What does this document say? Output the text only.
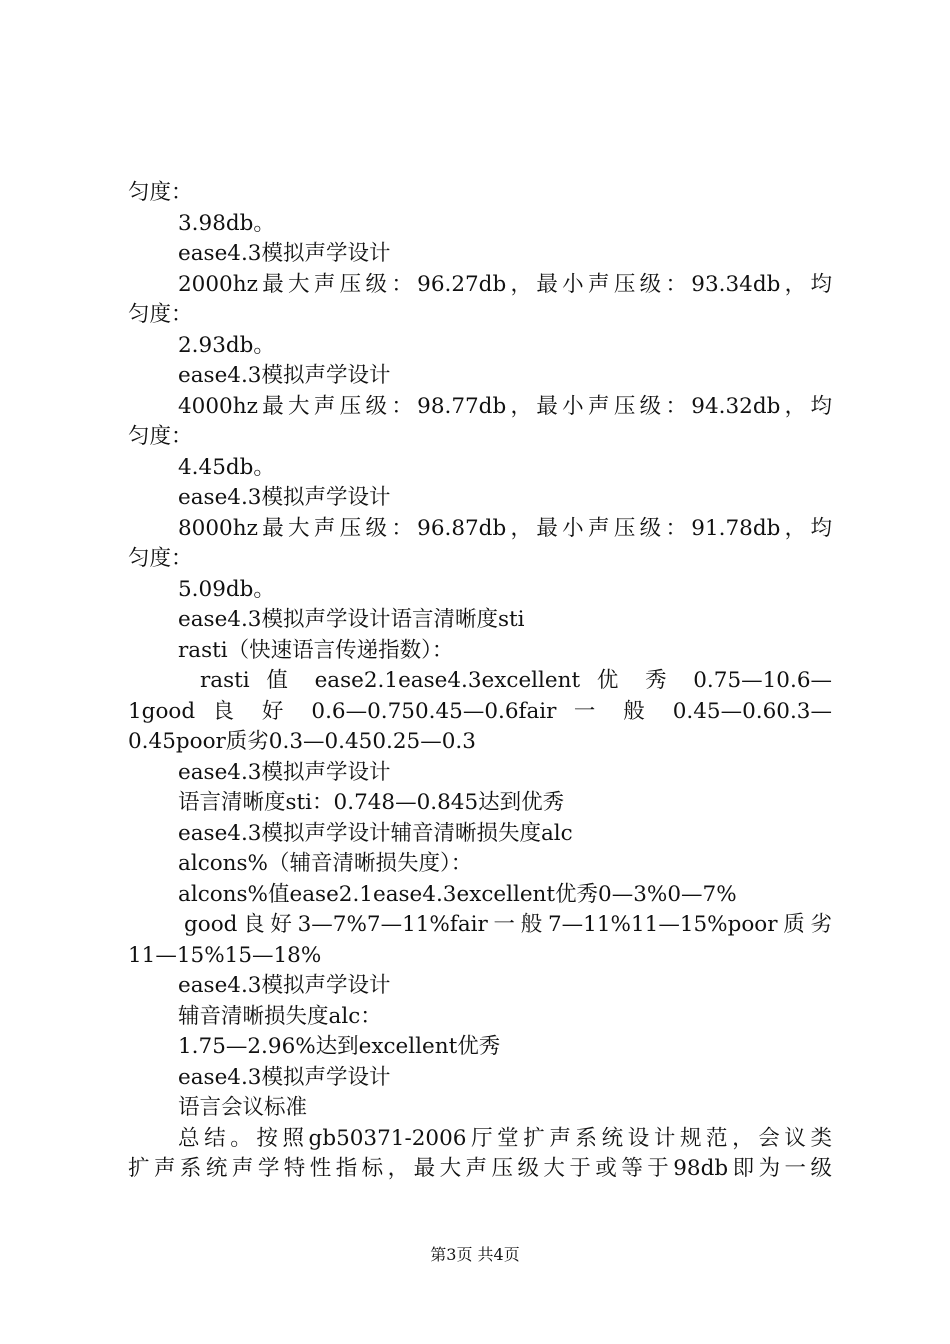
匀度：
3.98db。
ease4.3模拟声学设计
2000hz最大声压级：96.27db，最小声压级：93.34db，均
匀度：
2.93db。
ease4.3模拟声学设计
4000hz最大声压级：98.77db，最小声压级：94.32db，均
匀度：
4.45db。
ease4.3模拟声学设计
8000hz最大声压级：96.87db，最小声压级：91.78db，均
匀度：
5.09db。
ease4.3模拟声学设计语言清晰度sti
rasti（快速语言传递指数）：
rasti 值 ease2.1ease4.3excellent 优 秀 0.75—10.6—
1good 良 好 0.6—0.750.45—0.6fair 一 般 0.45—0.60.3—
0.45poor质劣0.3—0.450.25—0.3
ease4.3模拟声学设计
语言清晰度sti：0.748—0.845达到优秀
ease4.3模拟声学设计辅音清晰损失度alc
alcons%（辅音清晰损失度）：
alcons%值ease2.1ease4.3excellent优秀0—3%0—7%
good良好3—7%7—11%fair一般7—11%11—15%poor质劣
11—15%15—18%
ease4.3模拟声学设计
辅音清晰损失度alc：
1.75—2.96%达到excellent优秀
ease4.3模拟声学设计
语言会议标准
总结。按照gb50371-2006厅堂扩声系统设计规范，会议类
扩声系统声学特性指标，最大声压级大于或等于98db即为一级
第3页 共4页
